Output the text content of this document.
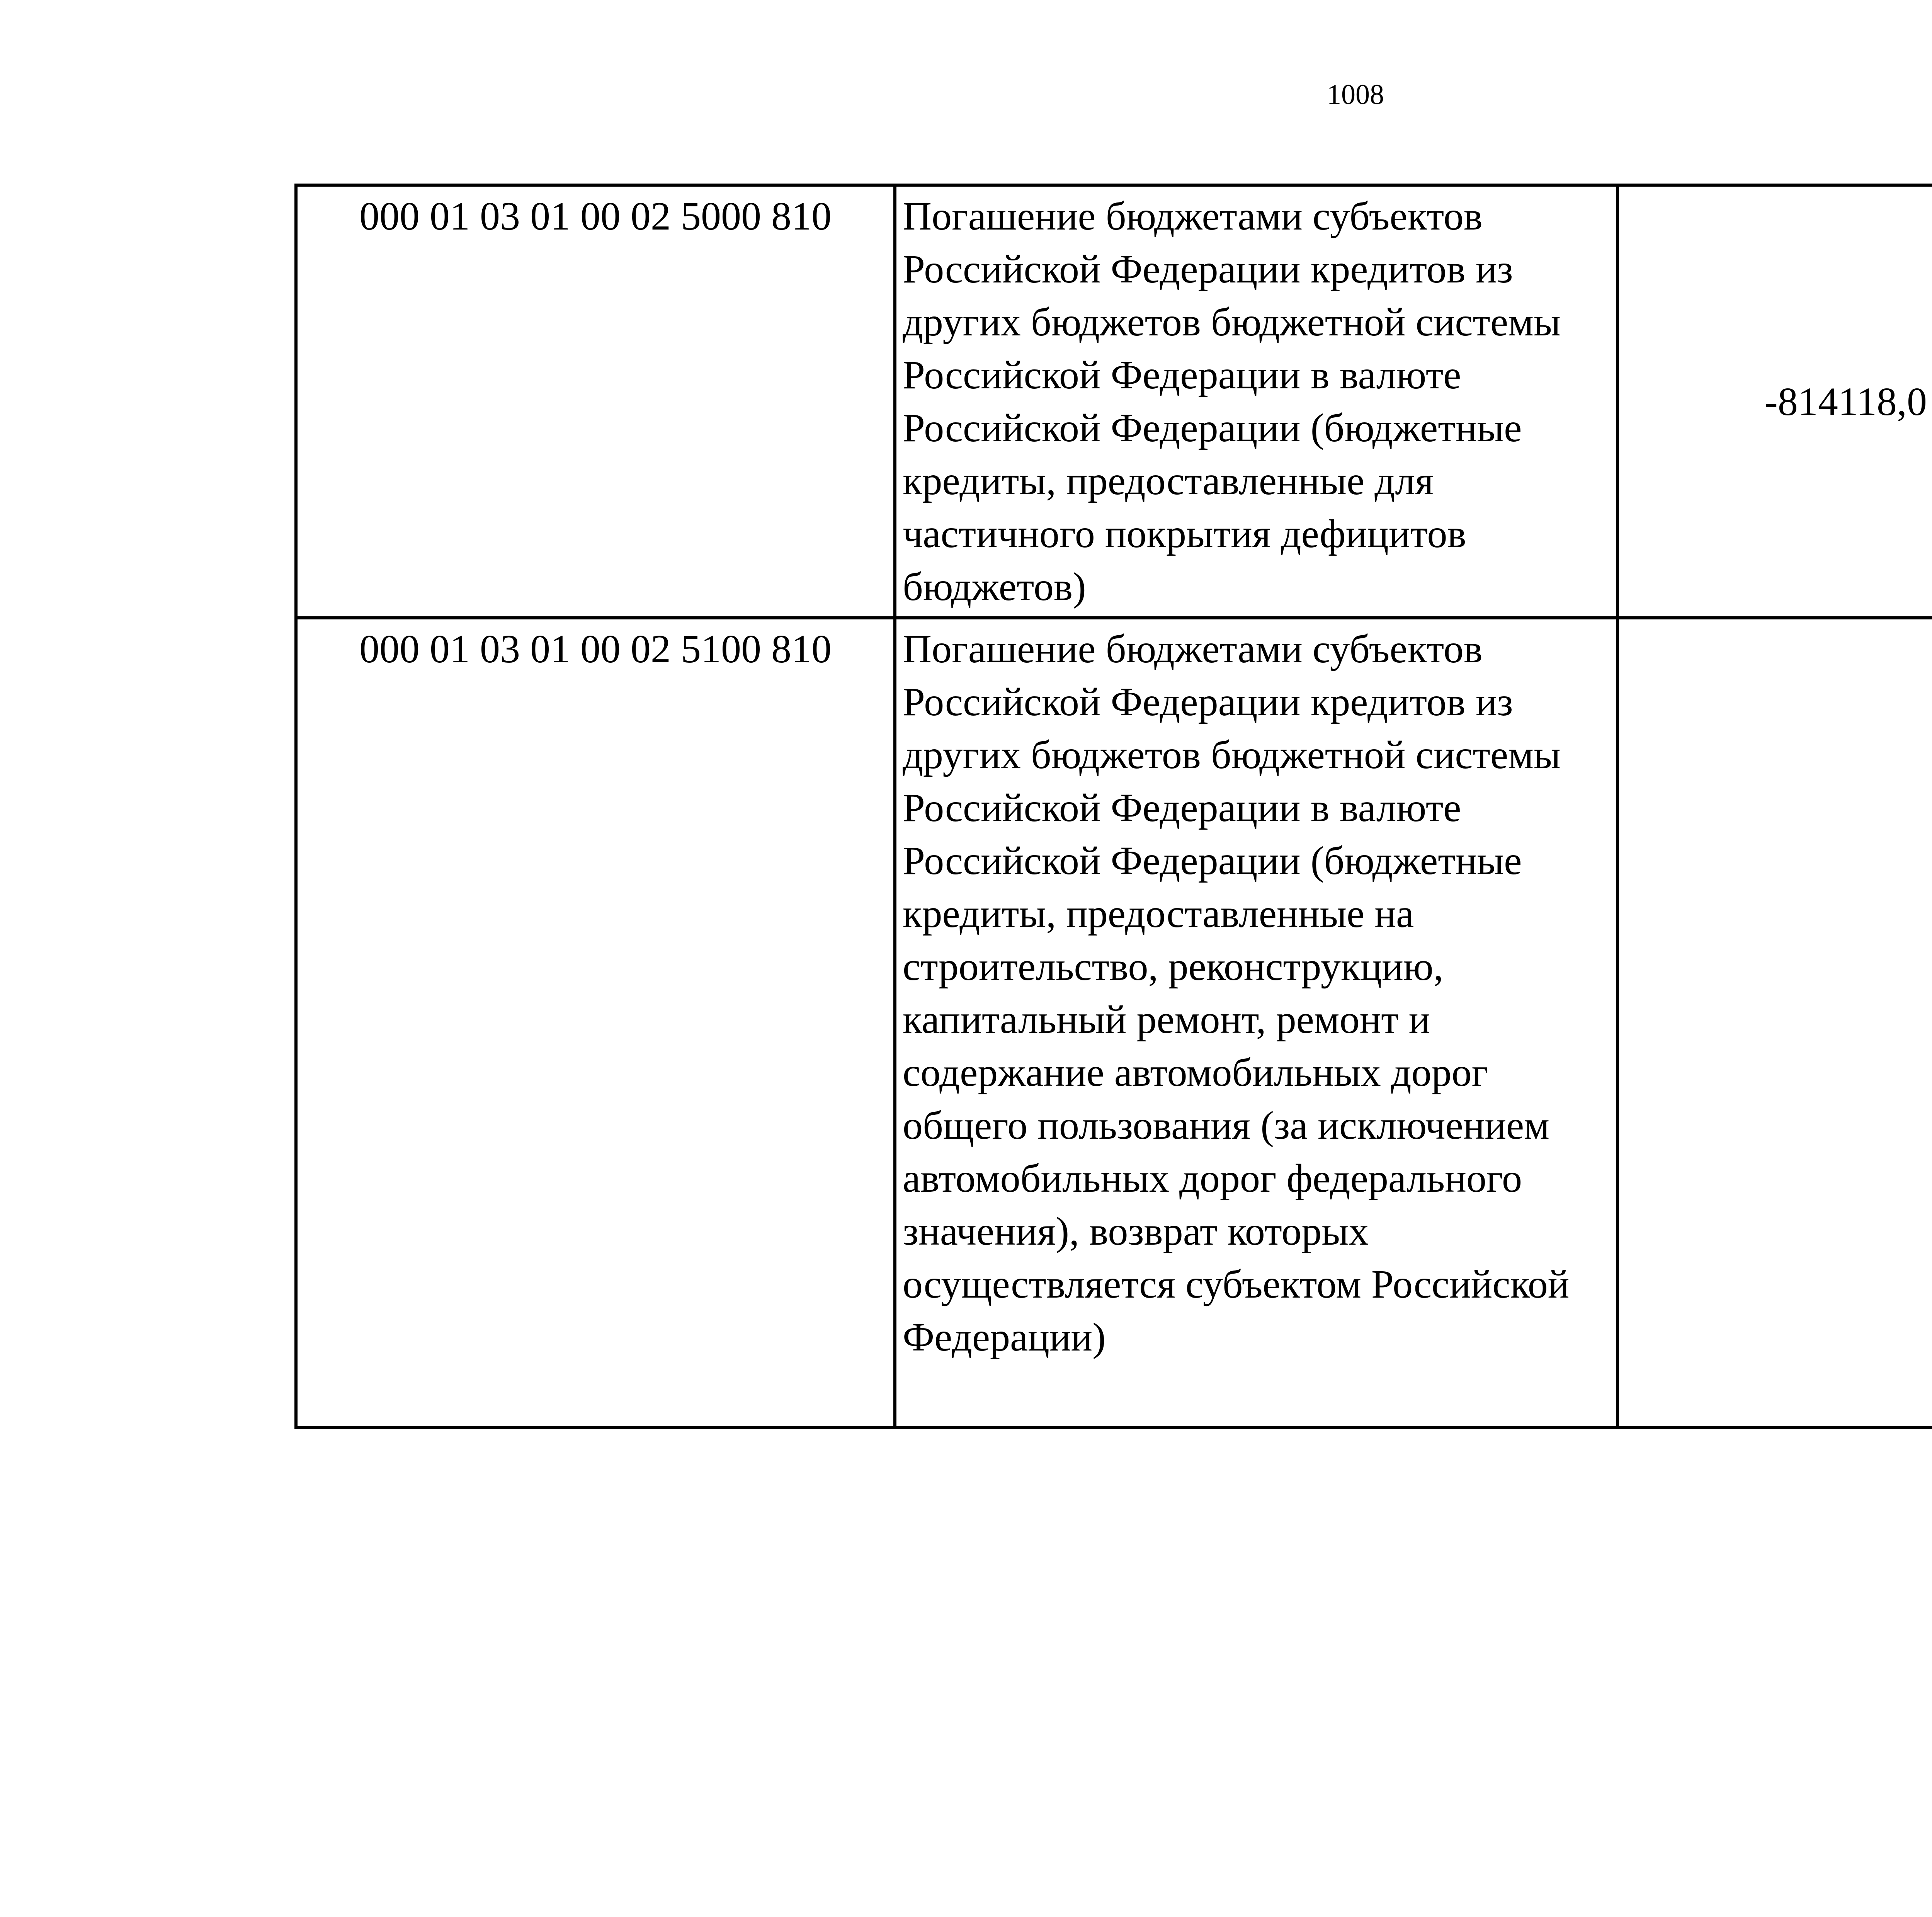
1008
000 01 03 01 00 02 5000 810	Погашение бюджетами субъектов Российской Федерации кредитов из других бюджетов бюджетной системы Российской Федерации в валюте Российской Федерации (бюджетные кредиты, предоставленные для частичного покрытия дефицитов бюджетов)	-814118,0		
000 01 03 01 00 02 5100 810	Погашение бюджетами субъектов Российской Федерации кредитов из других бюджетов бюджетной системы Российской Федерации в валюте Российской Федерации (бюджетные кредиты, предоставленные на строительство, реконструкцию, капитальный ремонт, ремонт и содержание автомобильных дорог общего пользования (за исключением автомобильных дорог федерального значения), возврат которых осуществляется субъектом Российской Федерации)			
